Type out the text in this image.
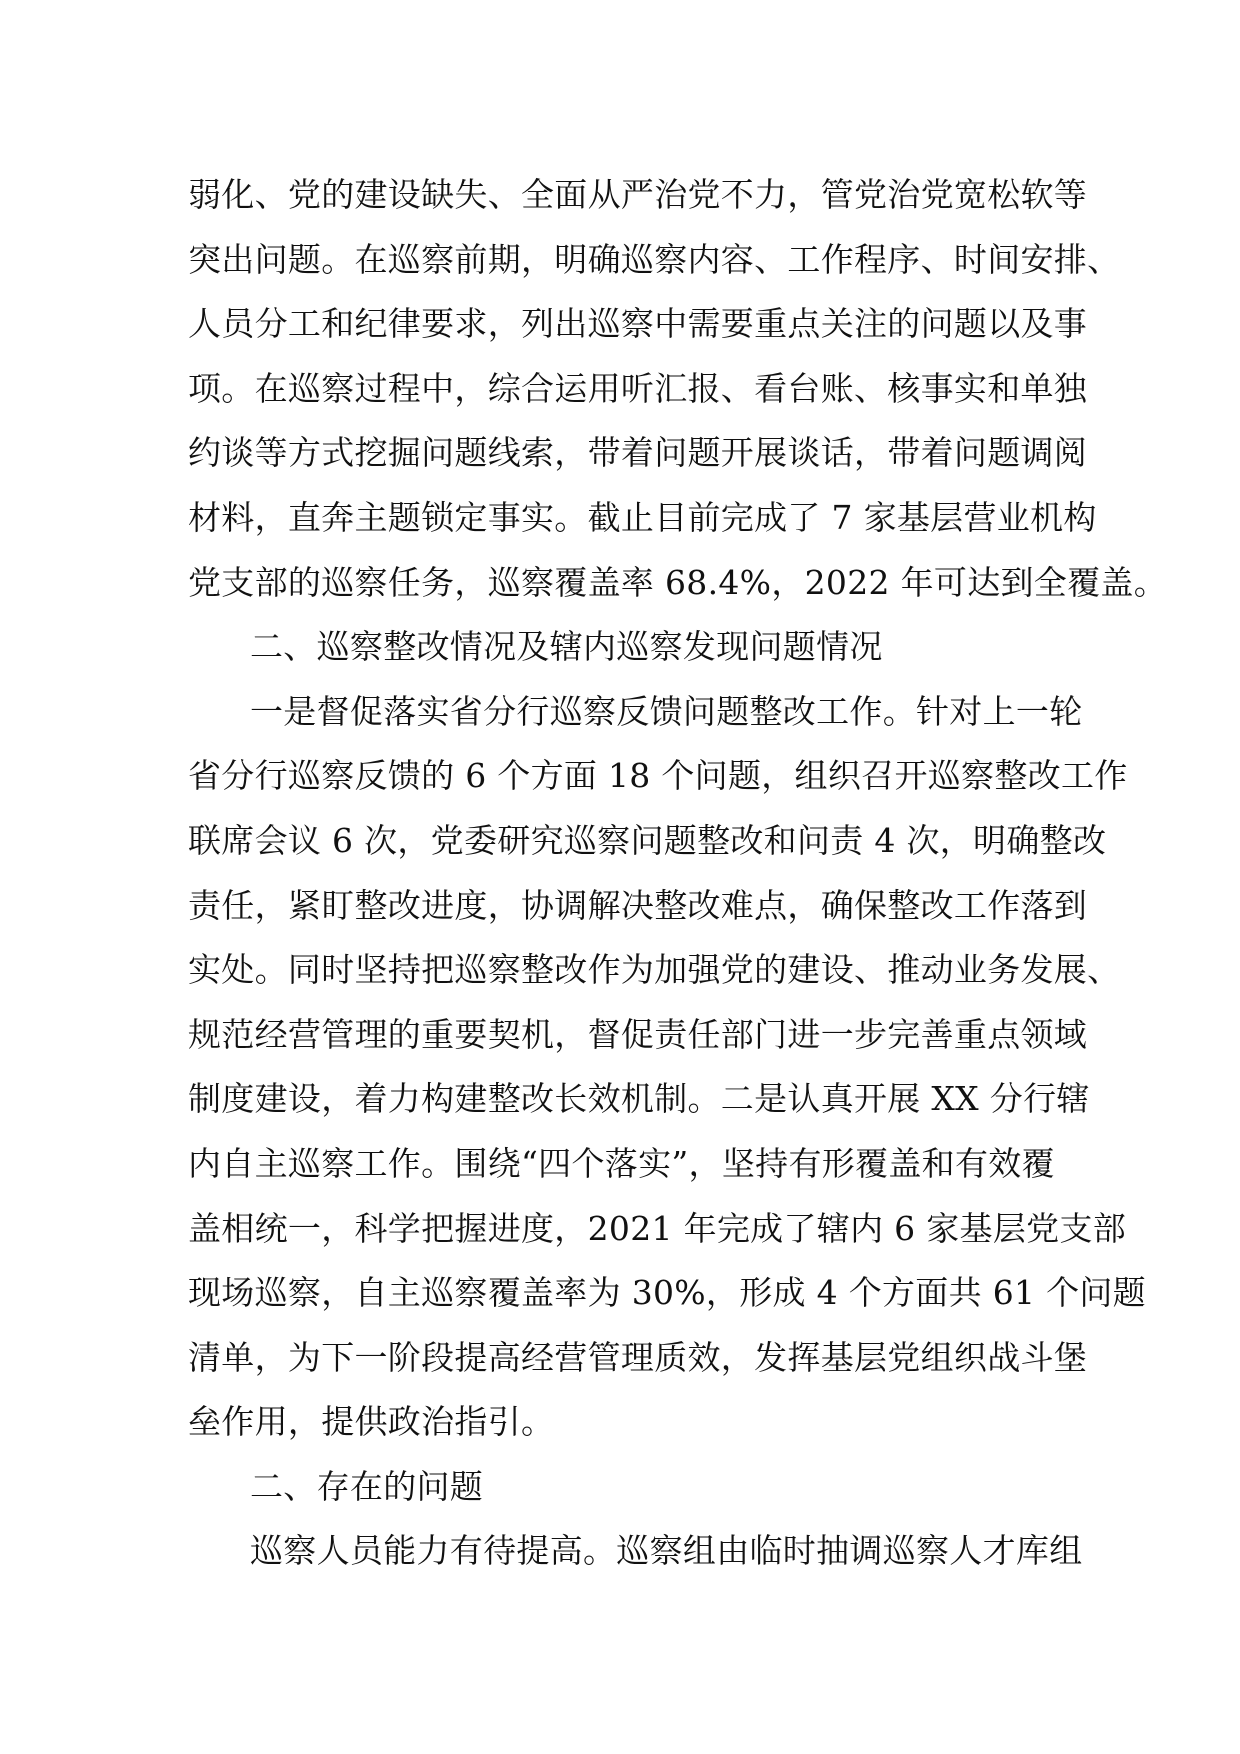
弱化、党的建设缺失、全面从严治党不力，管党治党宽松软等
突出问题。在巡察前期，明确巡察内容、工作程序、时间安排、
人员分工和纪律要求，列出巡察中需要重点关注的问题以及事
项。在巡察过程中，综合运用听汇报、看台账、核事实和单独
约谈等方式挖掘问题线索，带着问题开展谈话，带着问题调阅
材料，直奔主题锁定事实。截止目前完成了 7 家基层营业机构
党支部的巡察任务，巡察覆盖率 68.4%，2022 年可达到全覆盖。
二、巡察整改情况及辖内巡察发现问题情况
一是督促落实省分行巡察反馈问题整改工作。针对上一轮
省分行巡察反馈的 6 个方面 18 个问题，组织召开巡察整改工作
联席会议 6 次，党委研究巡察问题整改和问责 4 次，明确整改
责任，紧盯整改进度，协调解决整改难点，确保整改工作落到
实处。同时坚持把巡察整改作为加强党的建设、推动业务发展、
规范经营管理的重要契机，督促责任部门进一步完善重点领域
制度建设，着力构建整改长效机制。二是认真开展 XX 分行辖
内自主巡察工作。围绕“四个落实”，坚持有形覆盖和有效覆
盖相统一，科学把握进度，2021 年完成了辖内 6 家基层党支部
现场巡察，自主巡察覆盖率为 30%，形成 4 个方面共 61 个问题
清单，为下一阶段提高经营管理质效，发挥基层党组织战斗堡
垒作用，提供政治指引。
二、存在的问题
巡察人员能力有待提高。巡察组由临时抽调巡察人才库组
